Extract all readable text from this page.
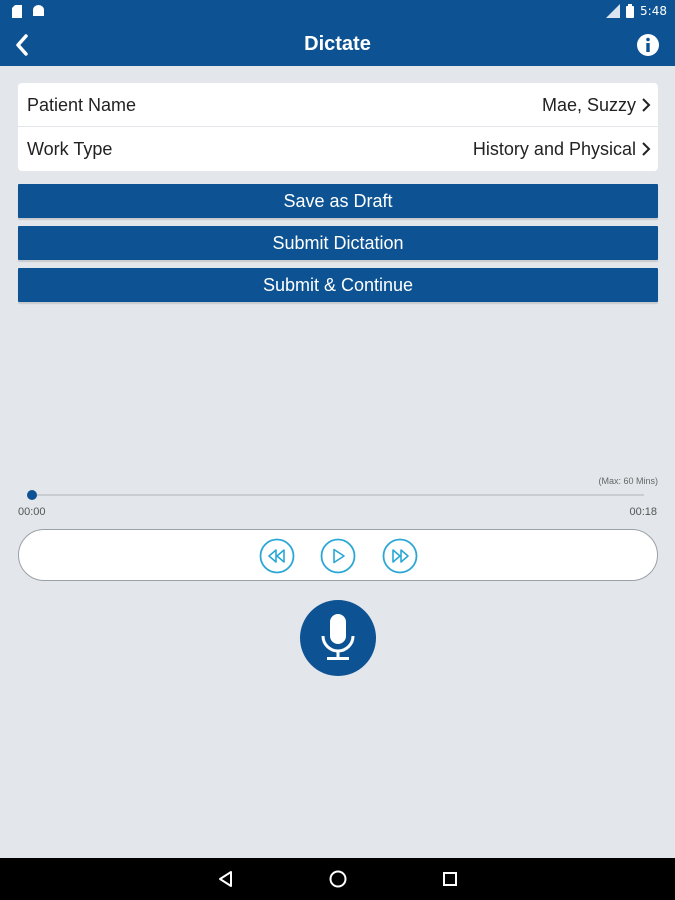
5:48
Dictate
Patient Name	Mae, Suzzy
Work Type	History and Physical
Save as Draft
Submit Dictation
Submit & Continue
(Max: 60 Mins)
00:00	00:18
